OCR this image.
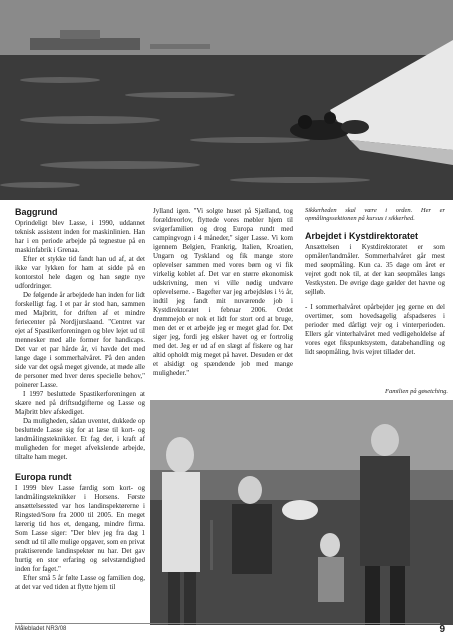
Baggrund

Oprindeligt blev Lasse, i 1990, uddannet teknisk assistent inden for maskinlinien. Han har i en periode arbejde på tegnestue på en maskinfabrik i Grenaa.

Efter et stykke tid fandt han ud af, at det ikke var lykken for ham at sidde på en kontorstol hele dagen og han søgte nye udfordringer.

De følgende år arbejdede han inden for lidt forskelligt fag. I et par år stod han, sammen med Majbritt, for driften af et mindre feriecenter på Nordjjurslaand. "Centret var ejet af Spastikerforeningen og blev lejet ud til mennesker med alle former for handicaps. Det var et par hårde år, vi havde det med lange dage i sommerhalvåret. På den anden side var det også meget givende, at møde alle de personer med hver deres specielle behov," poinerer Lasse.

I 1997 besluttede Spastikerforeningen at skære ned på driftsudgifterne og Lasse og Majbritt blev afskediget.

Da muligheden, sådan uventet, dukkede op besluttede Lasse sig for at læse til kort- og landmålingsteknikker. Et fag der, i kraft af muligheden for meget afvekslende arbejde, tiltalte ham meget.

Europa rundt

I 1999 blev Lasse færdig som kort- og landmålingsteknikker i Horsens. Første ansættelsessted var hos landinspektørerne i Ringsted/Sorø fra 2000 til 2005. En meget lærerig tid hos et, dengang, mindre firma. Som Lasse siger: "Der blev jeg fra dag 1 sendt ud til alle mulige opgaver, som en privat praktiserende landinspektør nu har. Det gav hurtig en stor erfaring og selvstændighed inden for faget."

Efter små 5 år følte Lasse og familien dog, at det var ved tiden at flytte hjem til

Jylland igen. "Vi solgte huset på Sjælland, tog forældreorlov, flyttede vores møbler hjem til svigerfamilien og drog Europa rundt med campingvogn i 4 måneder," siger Lasse. Vi kom igennem Belgien, Frankrig, Italien, Kroatien, Ungarn og Tyskland og fik mange store oplevelser sammen med vores børn og vi fik virkelig koblet af. Det var en større økonomisk udskrivning, men vi ville nødig undvære oplevelserne. - Bagefter var jeg arbejdsløs i ½ år, indtil jeg fandt mit nuværende job i Kystdirektoratet i februar 2006. Ordet drømmejob er nok et lidt for stort ord at bruge, men det er et arbejde jeg er meget glad for. Det siger jeg, fordi jeg elsker havet og er fortrolig med det. Jeg er ud af en slægt af fiskere og har altid opholdt mig meget på havet. Desuden er det et alsidigt og spændende job med mange muligheder."

Sikkerheden skal være i orden. Her er opmålingssektionen på kursus i sikkerhed.

Arbejdet i Kystdirektoratet

Ansættelsen i Kystdirektoratet er som opmåler/landmåler. Sommerhalvåret går mest med søopmåling. Kun ca. 35 dage om året er vejret godt nok til, at der kan søopmåles langs Vestkysten. De øvrige dage gælder det havne og sejlløb.

- I sommerhalvåret opårbejder jeg gerne en del overtimer, som hovedsagelig afspadseres i perioder med dårligt vejr og i vinterperioden. Ellers går vinterhalvåret med vedligeholdelse af vores eget fikspunktsystem, databehandling og lidt søopmåling, hvis vejret tillader det.

Familien på gøsetching.
Målebladet NR3/08	9
